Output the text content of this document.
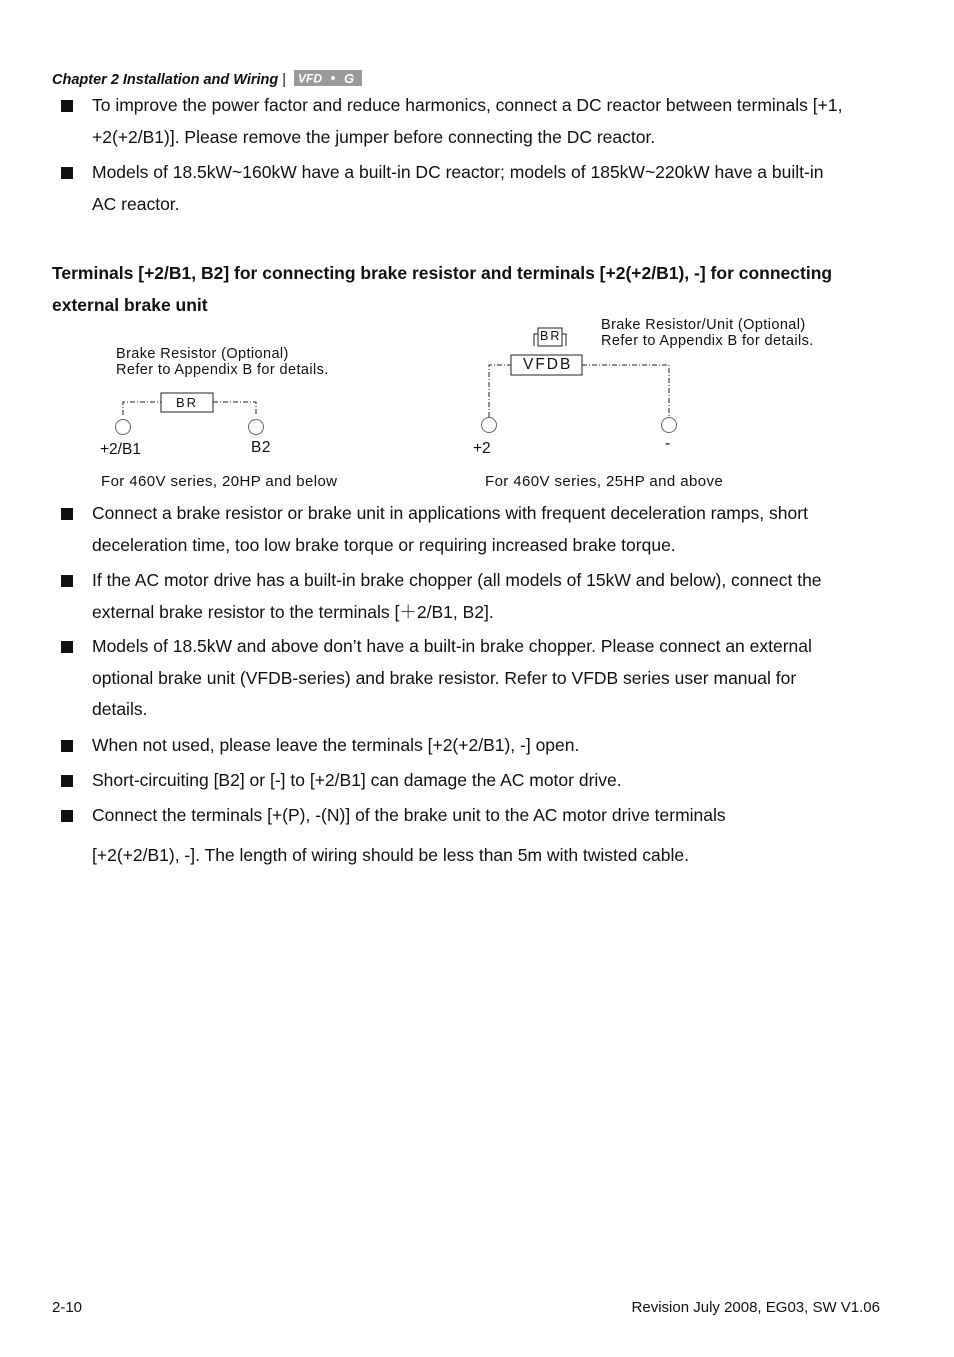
Chapter 2 Installation and Wiring | VFD G
To improve the power factor and reduce harmonics, connect a DC reactor between terminals [+1,
+2(+2/B1)]. Please remove the jumper before connecting the DC reactor.
Models of 18.5kW~160kW have a built-in DC reactor; models of 185kW~220kW have a built-in
AC reactor.
Terminals [+2/B1, B2] for connecting brake resistor and terminals [+2(+2/B1), -] for connecting
external brake unit
Brake Resistor (Optional)
Refer to Appendix B for details.
BR
+2/B1	B2
For 460V series, 20HP and below
Brake Resistor/Unit (Optional)
Refer to Appendix B for details.
BR
VFDB
+2	-
For 460V series, 25HP and above
Connect a brake resistor or brake unit in applications with frequent deceleration ramps, short
deceleration time, too low brake torque or requiring increased brake torque.
If the AC motor drive has a built-in brake chopper (all models of 15kW and below), connect the
external brake resistor to the terminals [＋2/B1, B2].
Models of 18.5kW and above don’t have a built-in brake chopper. Please connect an external
optional brake unit (VFDB-series) and brake resistor. Refer to VFDB series user manual for
details.
When not used, please leave the terminals [+2(+2/B1), -] open.
Short-circuiting [B2] or [-] to [+2/B1] can damage the AC motor drive.
Connect the terminals [+(P), -(N)] of the brake unit to the AC motor drive terminals
[+2(+2/B1), -]. The length of wiring should be less than 5m with twisted cable.
2-10	Revision July 2008, EG03, SW V1.06
